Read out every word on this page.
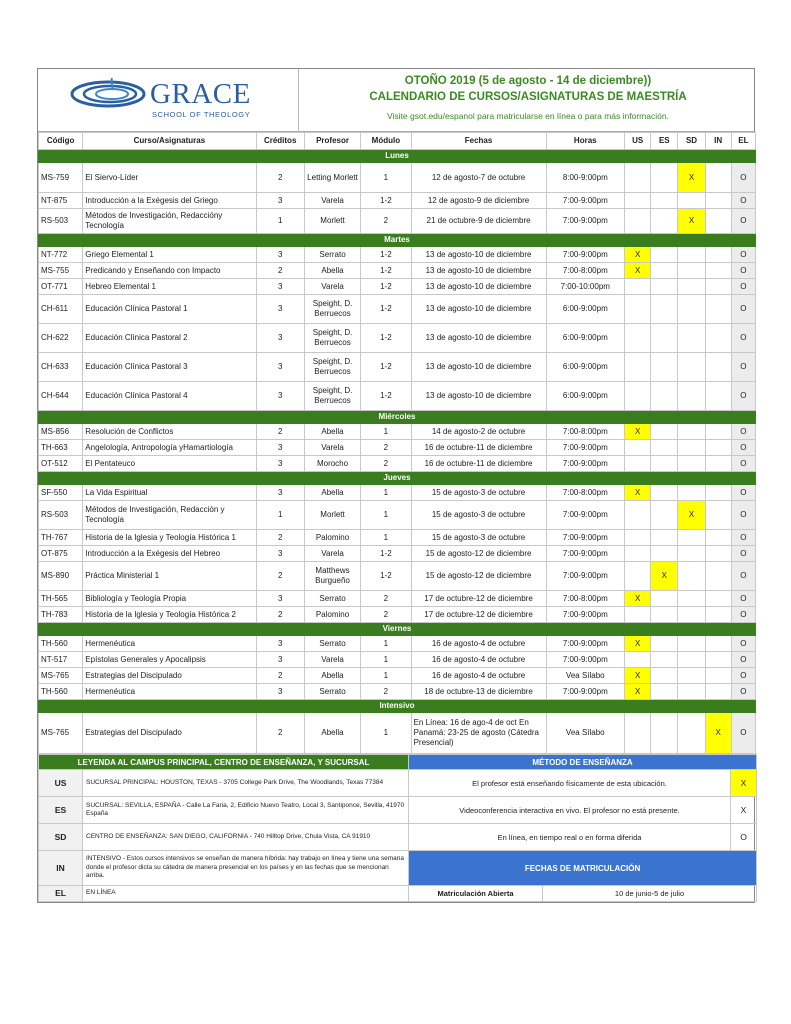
GRACE
SCHOOL OF THEOLOGY
OTOÑO 2019 (5 de agosto - 14 de diciembre))
CALENDARIO DE CURSOS/ASIGNATURAS DE MAESTRÍA
Visite gsot.edu/espanol para matricularse en línea o para más información.
Código	Curso/Asignaturas	Créditos	Profesor	Módulo	Fechas	Horas	US	ES	SD	IN	EL
Lunes											
MS-759	El Siervo-Líder	2	Letting Morlett	1	12 de agosto-7 de octubre	8:00-9:00pm			X		O
NT-875	Introducción a la Exégesis del Griego	3	Varela	1-2	12 de agosto-9 de diciembre	7:00-9:00pm					O
RS-503	Métodos de Investigación, Redaccióny Tecnología	1	Morlett	2	21 de octubre-9 de diciembre	7:00-9:00pm			X		O
Martes											
NT-772	Griego Elemental 1	3	Serrato	1-2	13 de agosto-10 de diciembre	7:00-9:00pm	X				O
MS-755	Predicando y Enseñando con Impacto	2	Abella	1-2	13 de agosto-10 de diciembre	7:00-8:00pm	X				O
OT-771	Hebreo Elemental 1	3	Varela	1-2	13 de agosto-10 de diciembre	7:00-10:00pm					O
CH-611	Educación Clínica Pastoral 1	3	Speight, D. Berruecos	1-2	13 de agosto-10 de diciembre	6:00-9:00pm					O
CH-622	Educación Clínica Pastoral 2	3	Speight, D. Berruecos	1-2	13 de agosto-10 de diciembre	6:00-9:00pm					O
CH-633	Educación Clínica Pastoral 3	3	Speight, D. Berruecos	1-2	13 de agosto-10 de diciembre	6:00-9:00pm					O
CH-644	Educación Clínica Pastoral 4	3	Speight, D. Berruecos	1-2	13 de agosto-10 de diciembre	6:00-9:00pm					O
Miércoles											
MS-856	Resolución de Conflictos	2	Abella	1	14 de agosto-2 de octubre	7:00-8:00pm	X				O
TH-663	Angelología, Antropología yHamartiología	3	Varela	2	16 de octubre-11 de diciembre	7:00-9:00pm					O
OT-512	El Pentateuco	3	Morocho	2	16 de octubre-11 de diciembre	7:00-9:00pm					O
Jueves											
SF-550	La Vida Espiritual	3	Abella	1	15 de agosto-3 de octubre	7:00-8:00pm	X				O
RS-503	Métodos de Investigación, Redacción y Tecnología	1	Morlett	1	15 de agosto-3 de octubre	7:00-9:00pm			X		O
TH-767	Historia de la Iglesia y Teología Histórica 1	2	Palomino	1	15 de agosto-3 de octubre	7:00-9:00pm					O
OT-875	Introducción a la Exégesis del Hebreo	3	Varela	1-2	15 de agosto-12 de diciembre	7:00-9:00pm					O
MS-890	Práctica Ministerial 1	2	Matthews Burgueño	1-2	15 de agosto-12 de diciembre	7:00-9:00pm		X			O
TH-565	Bibliología y Teología Propia	3	Serrato	2	17 de octubre-12 de diciembre	7:00-8:00pm	X				O
TH-783	Historia de la Iglesia y Teología Histórica 2	2	Palomino	2	17 de octubre-12 de diciembre	7:00-9:00pm					O
Viernes											
TH-560	Hermenéutica	3	Serrato	1	16 de agosto-4 de octubre	7:00-9:00pm	X				O
NT-517	Epístolas Generales y Apocalipsis	3	Varela	1	16 de agosto-4 de octubre	7:00-9:00pm					O
MS-765	Estrategias del Discipulado	2	Abella	1	16 de agosto-4 de octubre	Vea Sílabo	X				O
TH-560	Hermenéutica	3	Serrato	2	18 de octubre-13 de diciembre	7:00-9:00pm	X				O
Intensivo											
MS-765	Estrategias del Discipulado	2	Abella	1	En Línea: 16 de ago-4 de oct En Panamá: 23-25 de agosto (Cátedra Presencial)	Vea Sílabo				X	O
LEYENDA AL CAMPUS PRINCIPAL, CENTRO DE ENSEÑANZA, Y SUCURSAL		MÉTODO DE ENSEÑANZA		
US	SUCURSAL PRINCIPAL: HOUSTON, TEXAS - 3705 College Park Drive, The Woodlands, Texas 77384	El profesor está enseñando físicamente de esta ubicación.		X
ES	SUCURSAL: SEVILLA, ESPAÑA - Calle La Faria, 2, Edificio Nuevo Teatro, Local 3, Santiponce, Sevilla, 41970 España	Videoconferencia interactiva en vivo. El profesor no está presente.		X
SD	CENTRO DE ENSEÑANZA: SAN DIEGO, CALIFORNIA - 740 Hilltop Drive, Chula Vista, CA 91910	En línea, en tiempo real o en forma diferida		O
IN	INTENSIVO - Estos cursos intensivos se enseñan de manera híbrida: hay trabajo en línea y tiene una semana donde el profesor dicta su cátedra de manera presencial en los países y en las fechas que se mencionan arriba.	FECHAS DE MATRICULACIÓN		
EL	EN LÍNEA	Matriculación Abierta	10 de junio-5 de julio	
